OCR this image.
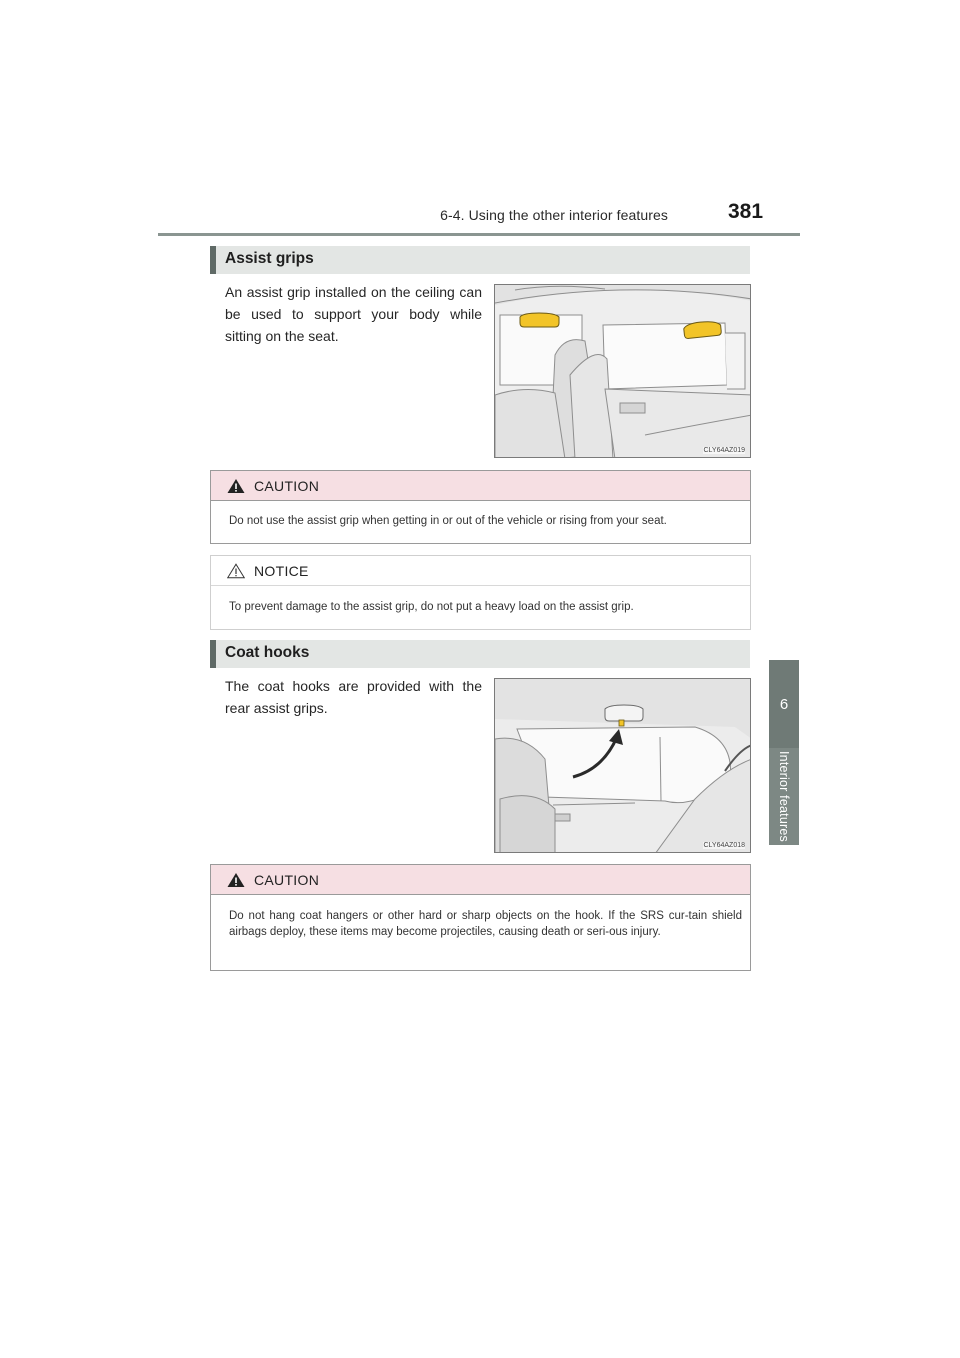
6-4. Using the other interior features	381
6
Interior features
Assist grips
An assist grip installed on the ceiling can be used to support your body while sitting on the seat.
CLY64AZ019
CAUTION
Do not use the assist grip when getting in or out of the vehicle or rising from your seat.
NOTICE
To prevent damage to the assist grip, do not put a heavy load on the assist grip.
Coat hooks
The coat hooks are provided with the rear assist grips.
CLY64AZ018
CAUTION
Do not hang coat hangers or other hard or sharp objects on the hook. If the SRS cur-tain shield airbags deploy, these items may become projectiles, causing death or seri-ous injury.
